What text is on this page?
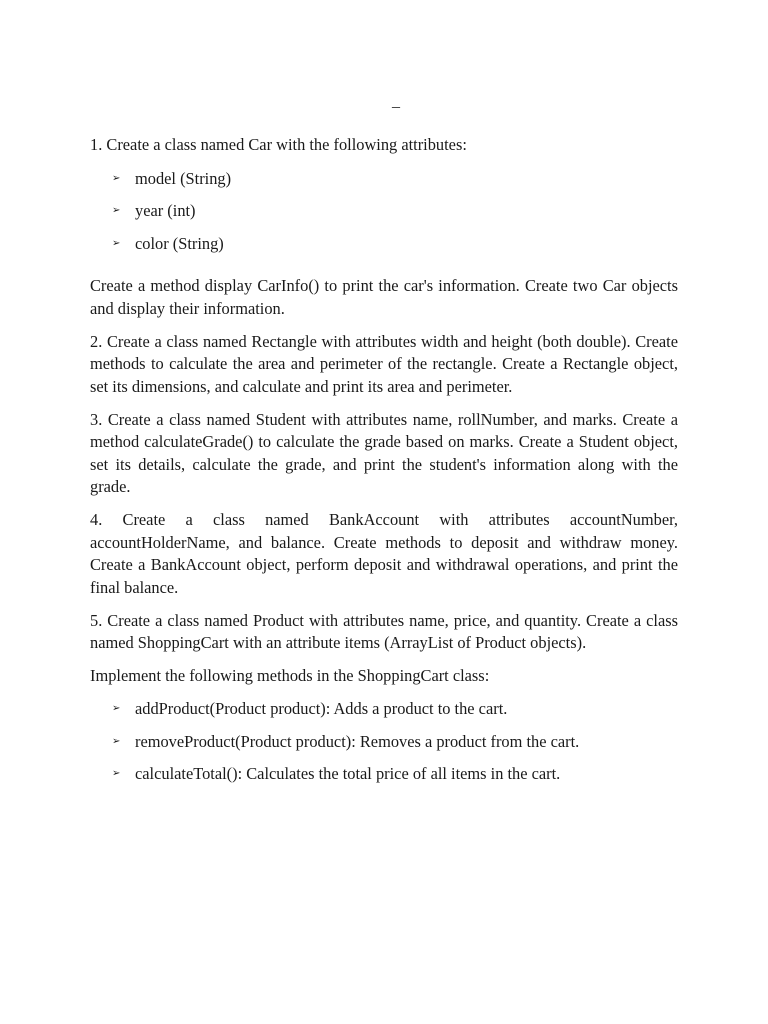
_

1. Create a class named Car with the following attributes:

➢ model (String)
➢ year (int)
➢ color (String)

Create a method display CarInfo() to print the car's information. Create two Car objects and display their information.

2. Create a class named Rectangle with attributes width and height (both double). Create methods to calculate the area and perimeter of the rectangle. Create a Rectangle object, set its dimensions, and calculate and print its area and perimeter.

3. Create a class named Student with attributes name, rollNumber, and marks. Create a method calculateGrade() to calculate the grade based on marks. Create a Student object, set its details, calculate the grade, and print the student's information along with the grade.

4. Create a class named BankAccount with attributes accountNumber, accountHolderName, and balance. Create methods to deposit and withdraw money. Create a BankAccount object, perform deposit and withdrawal operations, and print the final balance.

5. Create a class named Product with attributes name, price, and quantity. Create a class named ShoppingCart with an attribute items (ArrayList of Product objects).

Implement the following methods in the ShoppingCart class:

➢ addProduct(Product product): Adds a product to the cart.
➢ removeProduct(Product product): Removes a product from the cart.
➢ calculateTotal(): Calculates the total price of all items in the cart.
